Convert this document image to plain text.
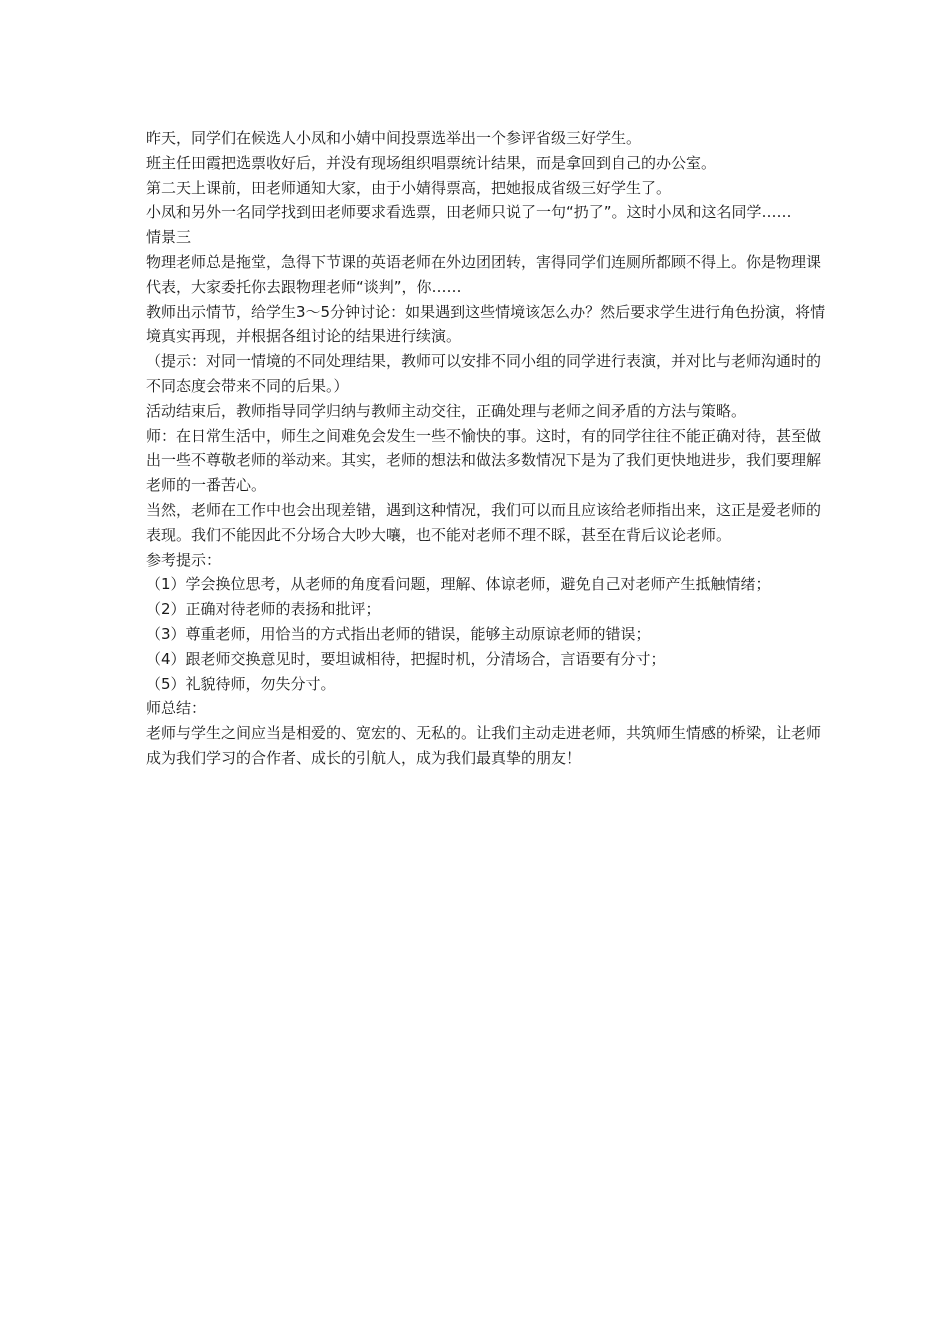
昨天，同学们在候选人小凤和小婧中间投票选举出一个参评省级三好学生。

班主任田霞把选票收好后，并没有现场组织唱票统计结果，而是拿回到自己的办公室。

第二天上课前，田老师通知大家，由于小婧得票高，把她报成省级三好学生了。

小凤和另外一名同学找到田老师要求看选票，田老师只说了一句“扔了”。这时小凤和这名同学……

情景三

物理老师总是拖堂，急得下节课的英语老师在外边团团转，害得同学们连厕所都顾不得上。你是物理课代表，大家委托你去跟物理老师“谈判”，你……

教师出示情节，给学生3～5分钟讨论：如果遇到这些情境该怎么办？然后要求学生进行角色扮演，将情境真实再现，并根据各组讨论的结果进行续演。

（提示：对同一情境的不同处理结果，教师可以安排不同小组的同学进行表演，并对比与老师沟通时的不同态度会带来不同的后果。）

活动结束后，教师指导同学归纳与教师主动交往，正确处理与老师之间矛盾的方法与策略。

师：在日常生活中，师生之间难免会发生一些不愉快的事。这时，有的同学往往不能正确对待，甚至做出一些不尊敬老师的举动来。其实，老师的想法和做法多数情况下是为了我们更快地进步，我们要理解老师的一番苦心。

当然，老师在工作中也会出现差错，遇到这种情况，我们可以而且应该给老师指出来，这正是爱老师的表现。我们不能因此不分场合大吵大嚷，也不能对老师不理不睬，甚至在背后议论老师。

参考提示：

（1）学会换位思考，从老师的角度看问题，理解、体谅老师，避免自己对老师产生抵触情绪；

（2）正确对待老师的表扬和批评；

（3）尊重老师，用恰当的方式指出老师的错误，能够主动原谅老师的错误；

（4）跟老师交换意见时，要坦诚相待，把握时机，分清场合，言语要有分寸；

（5）礼貌待师，勿失分寸。

师总结：

老师与学生之间应当是相爱的、宽宏的、无私的。让我们主动走进老师，共筑师生情感的桥梁，让老师成为我们学习的合作者、成长的引航人，成为我们最真挚的朋友！
